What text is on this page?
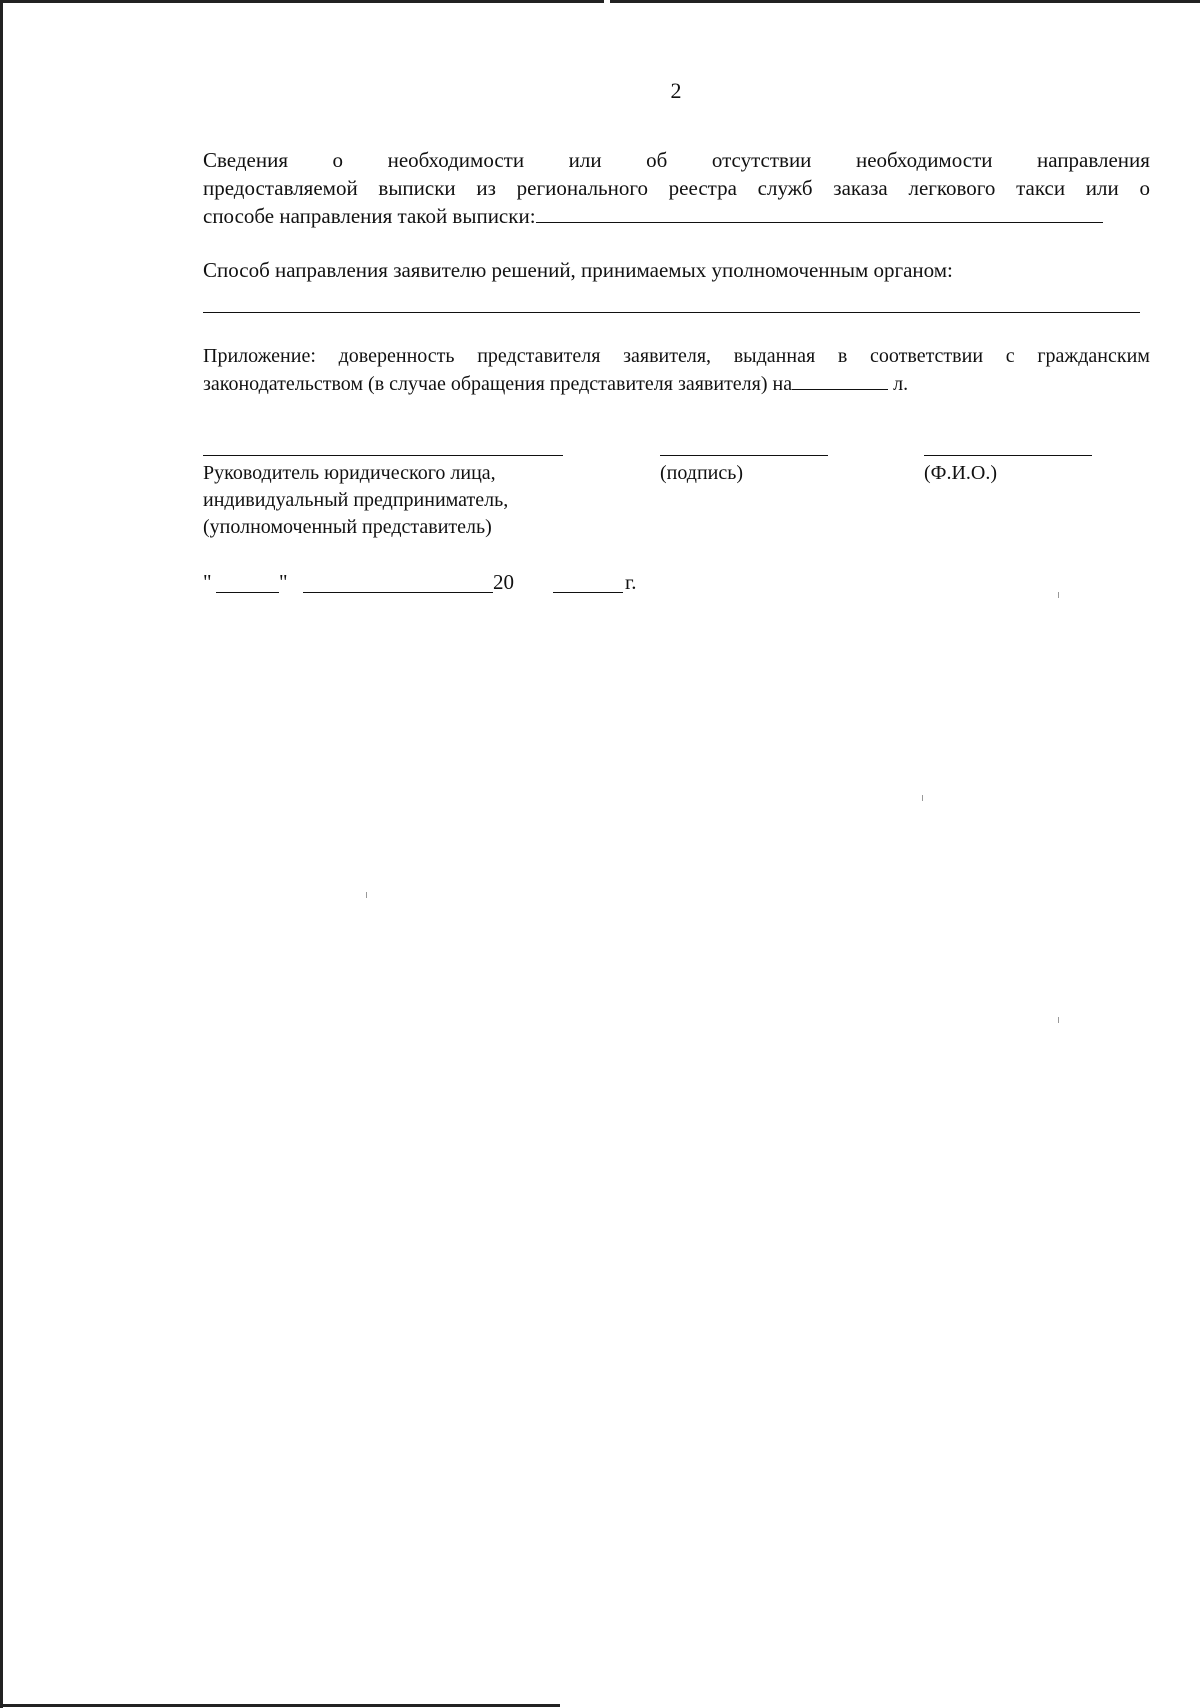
2
Сведения о необходимости или об отсутствии необходимости направления
предоставляемой выписки из регионального реестра служб заказа легкового такси или о
способе направления такой выписки:
Способ направления заявителю решений, принимаемых уполномоченным органом:
Приложение: доверенность представителя заявителя, выданная в соответствии с гражданским
законодательством (в случае обращения представителя заявителя) на	л.
Руководитель юридического лица,
индивидуальный предприниматель,
(уполномоченный представитель)
(подпись)	(Ф.И.О.)
"	"	20	г.
